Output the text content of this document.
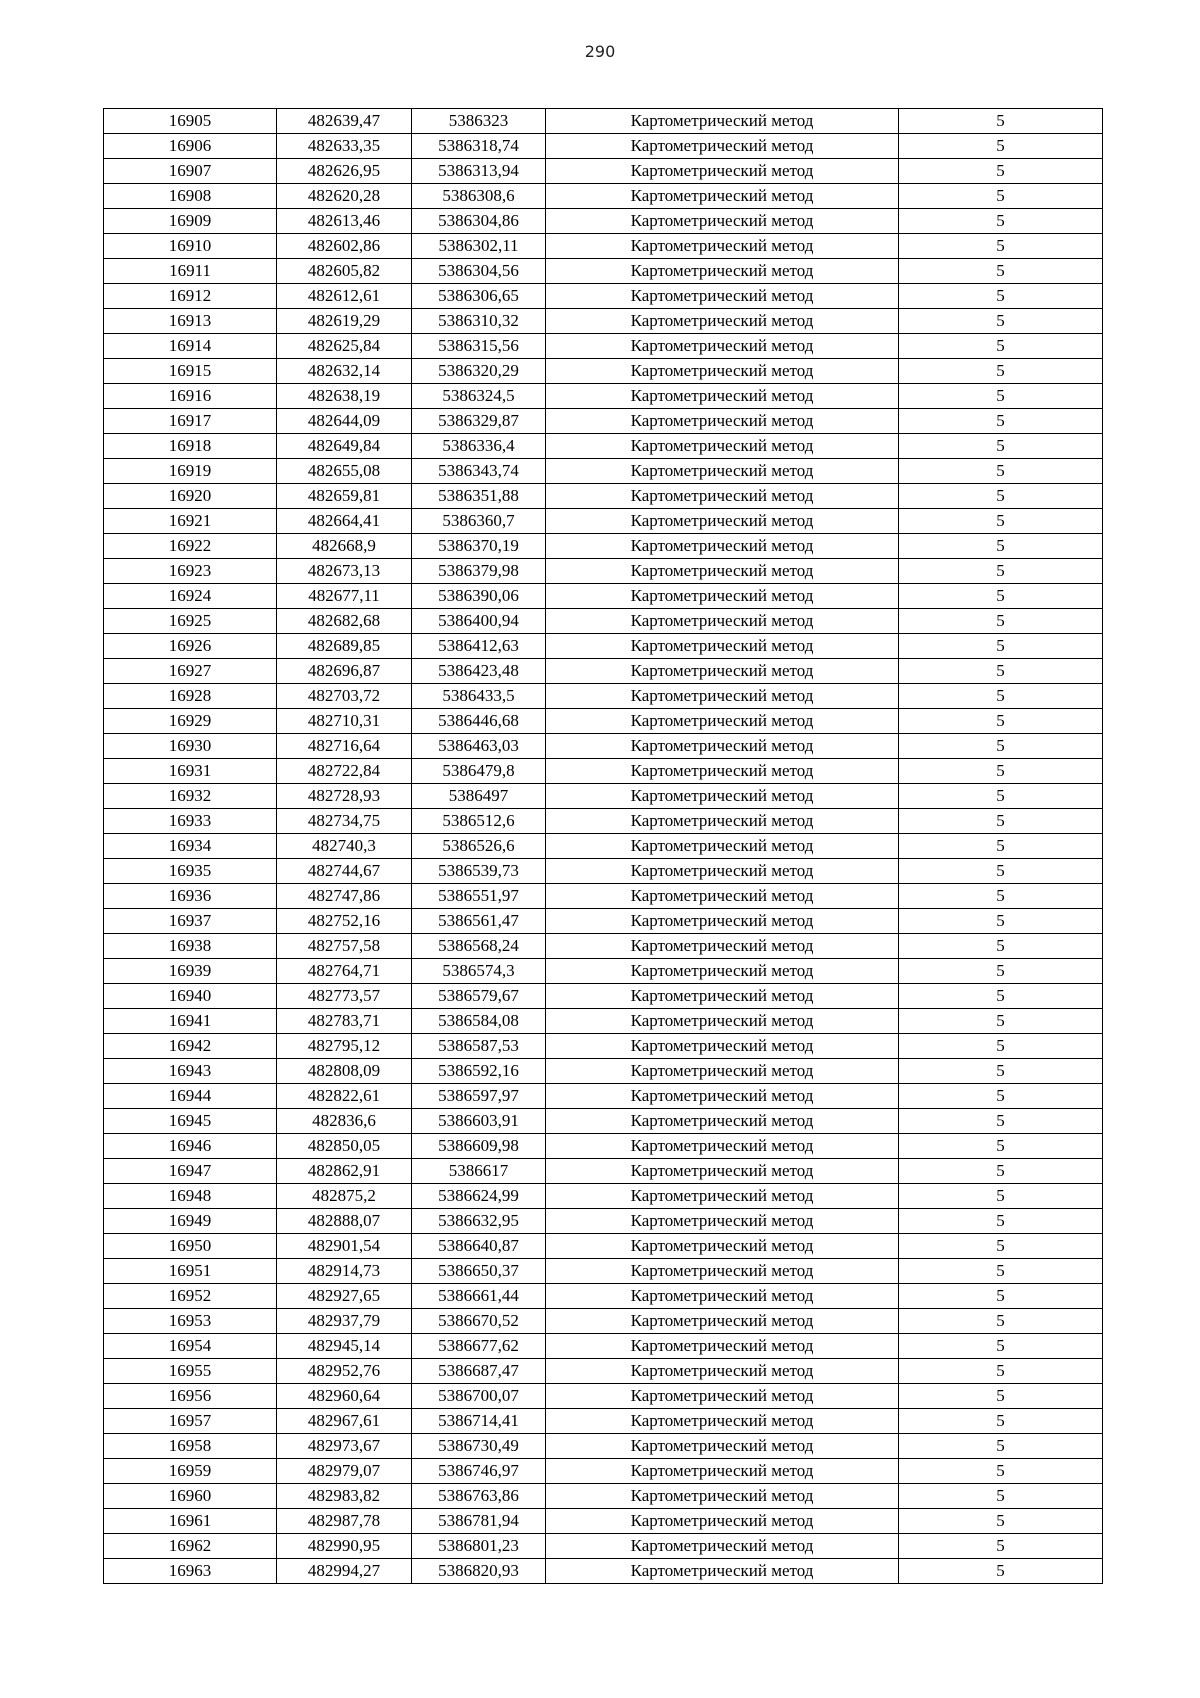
290
16905	482639,47	5386323	Картометрический метод	5
16906	482633,35	5386318,74	Картометрический метод	5
16907	482626,95	5386313,94	Картометрический метод	5
16908	482620,28	5386308,6	Картометрический метод	5
16909	482613,46	5386304,86	Картометрический метод	5
16910	482602,86	5386302,11	Картометрический метод	5
16911	482605,82	5386304,56	Картометрический метод	5
16912	482612,61	5386306,65	Картометрический метод	5
16913	482619,29	5386310,32	Картометрический метод	5
16914	482625,84	5386315,56	Картометрический метод	5
16915	482632,14	5386320,29	Картометрический метод	5
16916	482638,19	5386324,5	Картометрический метод	5
16917	482644,09	5386329,87	Картометрический метод	5
16918	482649,84	5386336,4	Картометрический метод	5
16919	482655,08	5386343,74	Картометрический метод	5
16920	482659,81	5386351,88	Картометрический метод	5
16921	482664,41	5386360,7	Картометрический метод	5
16922	482668,9	5386370,19	Картометрический метод	5
16923	482673,13	5386379,98	Картометрический метод	5
16924	482677,11	5386390,06	Картометрический метод	5
16925	482682,68	5386400,94	Картометрический метод	5
16926	482689,85	5386412,63	Картометрический метод	5
16927	482696,87	5386423,48	Картометрический метод	5
16928	482703,72	5386433,5	Картометрический метод	5
16929	482710,31	5386446,68	Картометрический метод	5
16930	482716,64	5386463,03	Картометрический метод	5
16931	482722,84	5386479,8	Картометрический метод	5
16932	482728,93	5386497	Картометрический метод	5
16933	482734,75	5386512,6	Картометрический метод	5
16934	482740,3	5386526,6	Картометрический метод	5
16935	482744,67	5386539,73	Картометрический метод	5
16936	482747,86	5386551,97	Картометрический метод	5
16937	482752,16	5386561,47	Картометрический метод	5
16938	482757,58	5386568,24	Картометрический метод	5
16939	482764,71	5386574,3	Картометрический метод	5
16940	482773,57	5386579,67	Картометрический метод	5
16941	482783,71	5386584,08	Картометрический метод	5
16942	482795,12	5386587,53	Картометрический метод	5
16943	482808,09	5386592,16	Картометрический метод	5
16944	482822,61	5386597,97	Картометрический метод	5
16945	482836,6	5386603,91	Картометрический метод	5
16946	482850,05	5386609,98	Картометрический метод	5
16947	482862,91	5386617	Картометрический метод	5
16948	482875,2	5386624,99	Картометрический метод	5
16949	482888,07	5386632,95	Картометрический метод	5
16950	482901,54	5386640,87	Картометрический метод	5
16951	482914,73	5386650,37	Картометрический метод	5
16952	482927,65	5386661,44	Картометрический метод	5
16953	482937,79	5386670,52	Картометрический метод	5
16954	482945,14	5386677,62	Картометрический метод	5
16955	482952,76	5386687,47	Картометрический метод	5
16956	482960,64	5386700,07	Картометрический метод	5
16957	482967,61	5386714,41	Картометрический метод	5
16958	482973,67	5386730,49	Картометрический метод	5
16959	482979,07	5386746,97	Картометрический метод	5
16960	482983,82	5386763,86	Картометрический метод	5
16961	482987,78	5386781,94	Картометрический метод	5
16962	482990,95	5386801,23	Картометрический метод	5
16963	482994,27	5386820,93	Картометрический метод	5
